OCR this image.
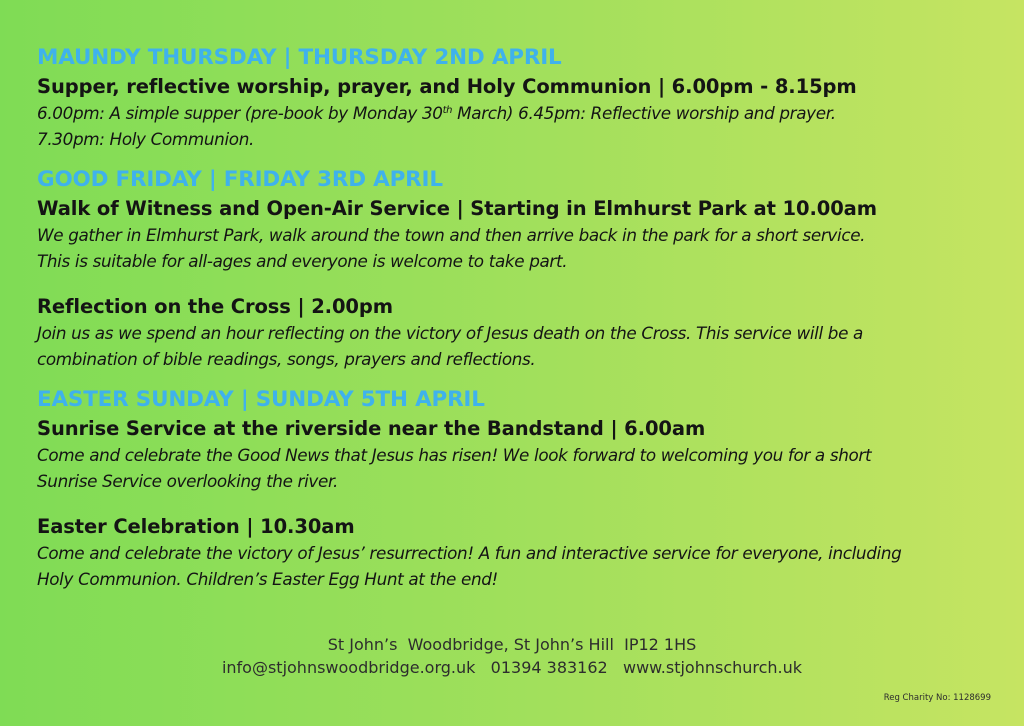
MAUNDY THURSDAY | THURSDAY 2ND APRIL

Supper, reflective worship, prayer, and Holy Communion | 6.00pm - 8.15pm

6.00pm: A simple supper (pre-book by Monday 30th March) 6.45pm: Reflective worship and prayer.
7.30pm: Holy Communion.

GOOD FRIDAY | FRIDAY 3RD APRIL

Walk of Witness and Open-Air Service | Starting in Elmhurst Park at 10.00am

We gather in Elmhurst Park, walk around the town and then arrive back in the park for a short service.
This is suitable for all-ages and everyone is welcome to take part.

Reflection on the Cross | 2.00pm

Join us as we spend an hour reflecting on the victory of Jesus death on the Cross. This service will be a
combination of bible readings, songs, prayers and reflections.

EASTER SUNDAY | SUNDAY 5TH APRIL

Sunrise Service at the riverside near the Bandstand | 6.00am

Come and celebrate the Good News that Jesus has risen! We look forward to welcoming you for a short
Sunrise Service overlooking the river.

Easter Celebration | 10.30am

Come and celebrate the victory of Jesus’ resurrection! A fun and interactive service for everyone, including
Holy Communion. Children’s Easter Egg Hunt at the end!

St John’s  Woodbridge, St John’s Hill  IP12 1HS
info@stjohnswoodbridge.org.uk   01394 383162   www.stjohnschurch.uk
Reg Charity No: 1128699
